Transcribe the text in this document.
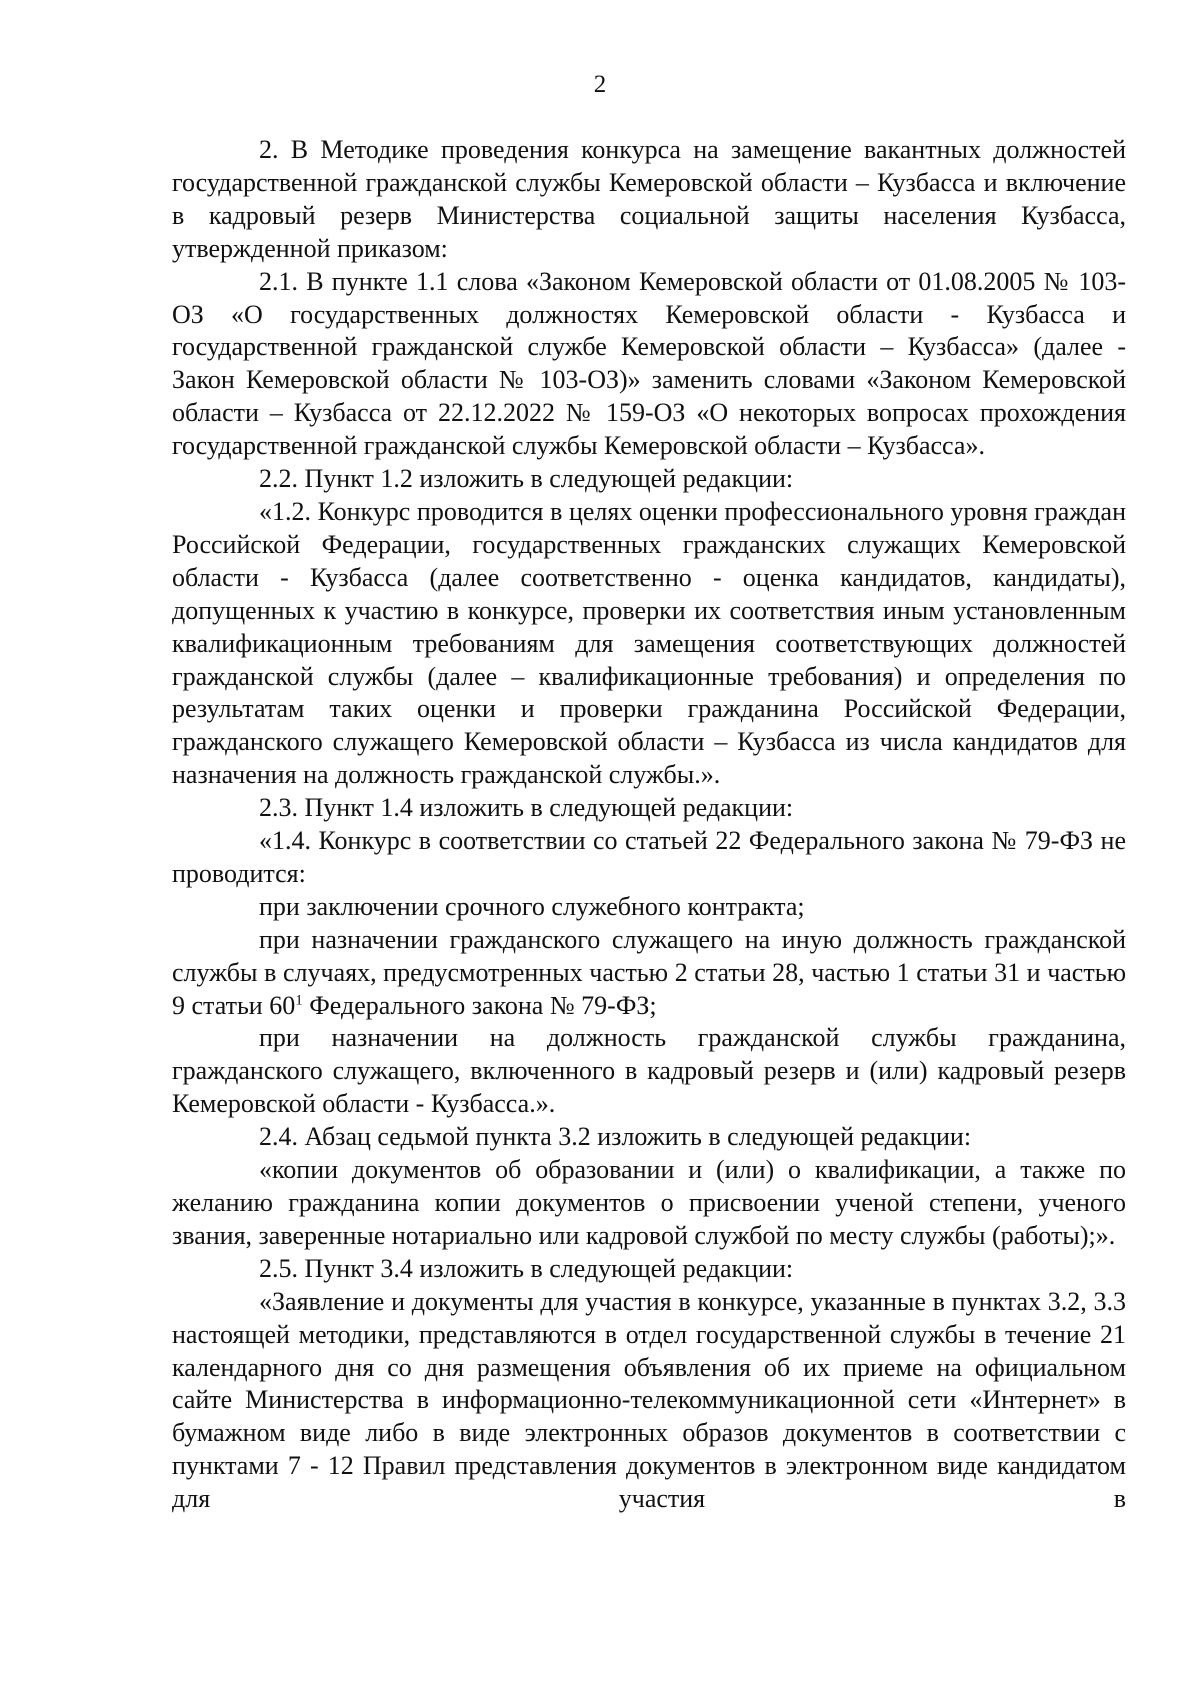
2

2. В Методике проведения конкурса на замещение вакантных должностей государственной гражданской службы Кемеровской области – Кузбасса и включение в кадровый резерв Министерства социальной защиты населения Кузбасса, утвержденной приказом:

2.1. В пункте 1.1 слова «Законом Кемеровской области от 01.08.2005 № 103-ОЗ «О государственных должностях Кемеровской области - Кузбасса и государственной гражданской службе Кемеровской области – Кузбасса» (далее - Закон Кемеровской области № 103-ОЗ)» заменить словами «Законом Кемеровской области – Кузбасса от 22.12.2022 № 159-ОЗ «О некоторых вопросах прохождения государственной гражданской службы Кемеровской области – Кузбасса».

2.2. Пункт 1.2 изложить в следующей редакции:

«1.2. Конкурс проводится в целях оценки профессионального уровня граждан Российской Федерации, государственных гражданских служащих Кемеровской области - Кузбасса (далее соответственно - оценка кандидатов, кандидаты), допущенных к участию в конкурсе, проверки их соответствия иным установленным квалификационным требованиям для замещения соответствующих должностей гражданской службы (далее – квалификационные требования) и определения по результатам таких оценки и проверки гражданина Российской Федерации, гражданского служащего Кемеровской области – Кузбасса из числа кандидатов для назначения на должность гражданской службы.».

2.3. Пункт 1.4 изложить в следующей редакции:

«1.4. Конкурс в соответствии со статьей 22 Федерального закона № 79-ФЗ не проводится:

при заключении срочного служебного контракта;

при назначении гражданского служащего на иную должность гражданской службы в случаях, предусмотренных частью 2 статьи 28, частью 1 статьи 31 и частью 9 статьи $60^1$ Федерального закона № 79-ФЗ;

при назначении на должность гражданской службы гражданина, гражданского служащего, включенного в кадровый резерв и (или) кадровый резерв Кемеровской области - Кузбасса.».

2.4. Абзац седьмой пункта 3.2 изложить в следующей редакции:

«копии документов об образовании и (или) о квалификации, а также по желанию гражданина копии документов о присвоении ученой степени, ученого звания, заверенные нотариально или кадровой службой по месту службы (работы);».

2.5. Пункт 3.4 изложить в следующей редакции:

«Заявление и документы для участия в конкурсе, указанные в пунктах 3.2, 3.3 настоящей методики, представляются в отдел государственной службы в течение 21 календарного дня со дня размещения объявления об их приеме на официальном сайте Министерства в информационно-телекоммуникационной сети «Интернет» в бумажном виде либо в виде электронных образов документов в соответствии с пунктами 7 - 12 Правил представления документов в электронном виде кандидатом для участия в
